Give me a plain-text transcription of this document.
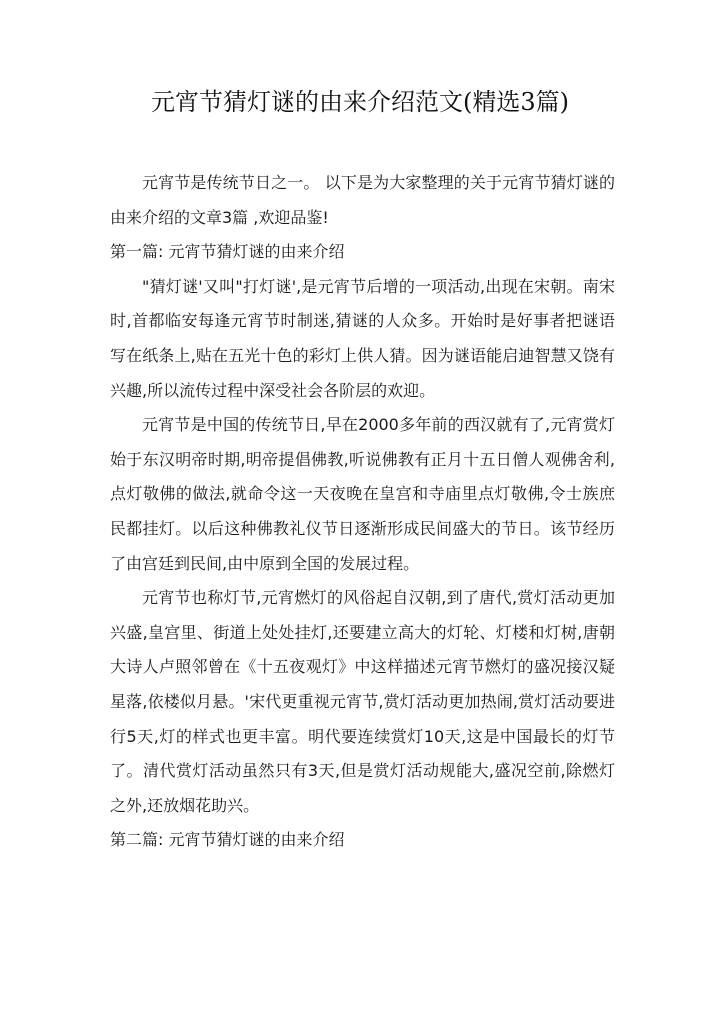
元宵节猜灯谜的由来介绍范文(精选3篇)

元宵节是传统节日之一。 以下是为大家整理的关于元宵节猜灯谜的由来介绍的文章3篇 ,欢迎品鉴!

第一篇: 元宵节猜灯谜的由来介绍

"猜灯谜'又叫"打灯谜',是元宵节后增的一项活动,出现在宋朝。南宋时,首都临安每逢元宵节时制迷,猜谜的人众多。开始时是好事者把谜语写在纸条上,贴在五光十色的彩灯上供人猜。因为谜语能启迪智慧又饶有兴趣,所以流传过程中深受社会各阶层的欢迎。

元宵节是中国的传统节日,早在2000多年前的西汉就有了,元宵赏灯始于东汉明帝时期,明帝提倡佛教,听说佛教有正月十五日僧人观佛舍利,点灯敬佛的做法,就命令这一天夜晚在皇宫和寺庙里点灯敬佛,令士族庶民都挂灯。以后这种佛教礼仪节日逐渐形成民间盛大的节日。该节经历了由宫廷到民间,由中原到全国的发展过程。

元宵节也称灯节,元宵燃灯的风俗起自汉朝,到了唐代,赏灯活动更加兴盛,皇宫里、街道上处处挂灯,还要建立高大的灯轮、灯楼和灯树,唐朝大诗人卢照邻曾在《十五夜观灯》中这样描述元宵节燃灯的盛况接汉疑星落,依楼似月悬。'宋代更重视元宵节,赏灯活动更加热闹,赏灯活动要进行5天,灯的样式也更丰富。明代要连续赏灯10天,这是中国最长的灯节了。清代赏灯活动虽然只有3天,但是赏灯活动规能大,盛况空前,除燃灯之外,还放烟花助兴。

第二篇: 元宵节猜灯谜的由来介绍
